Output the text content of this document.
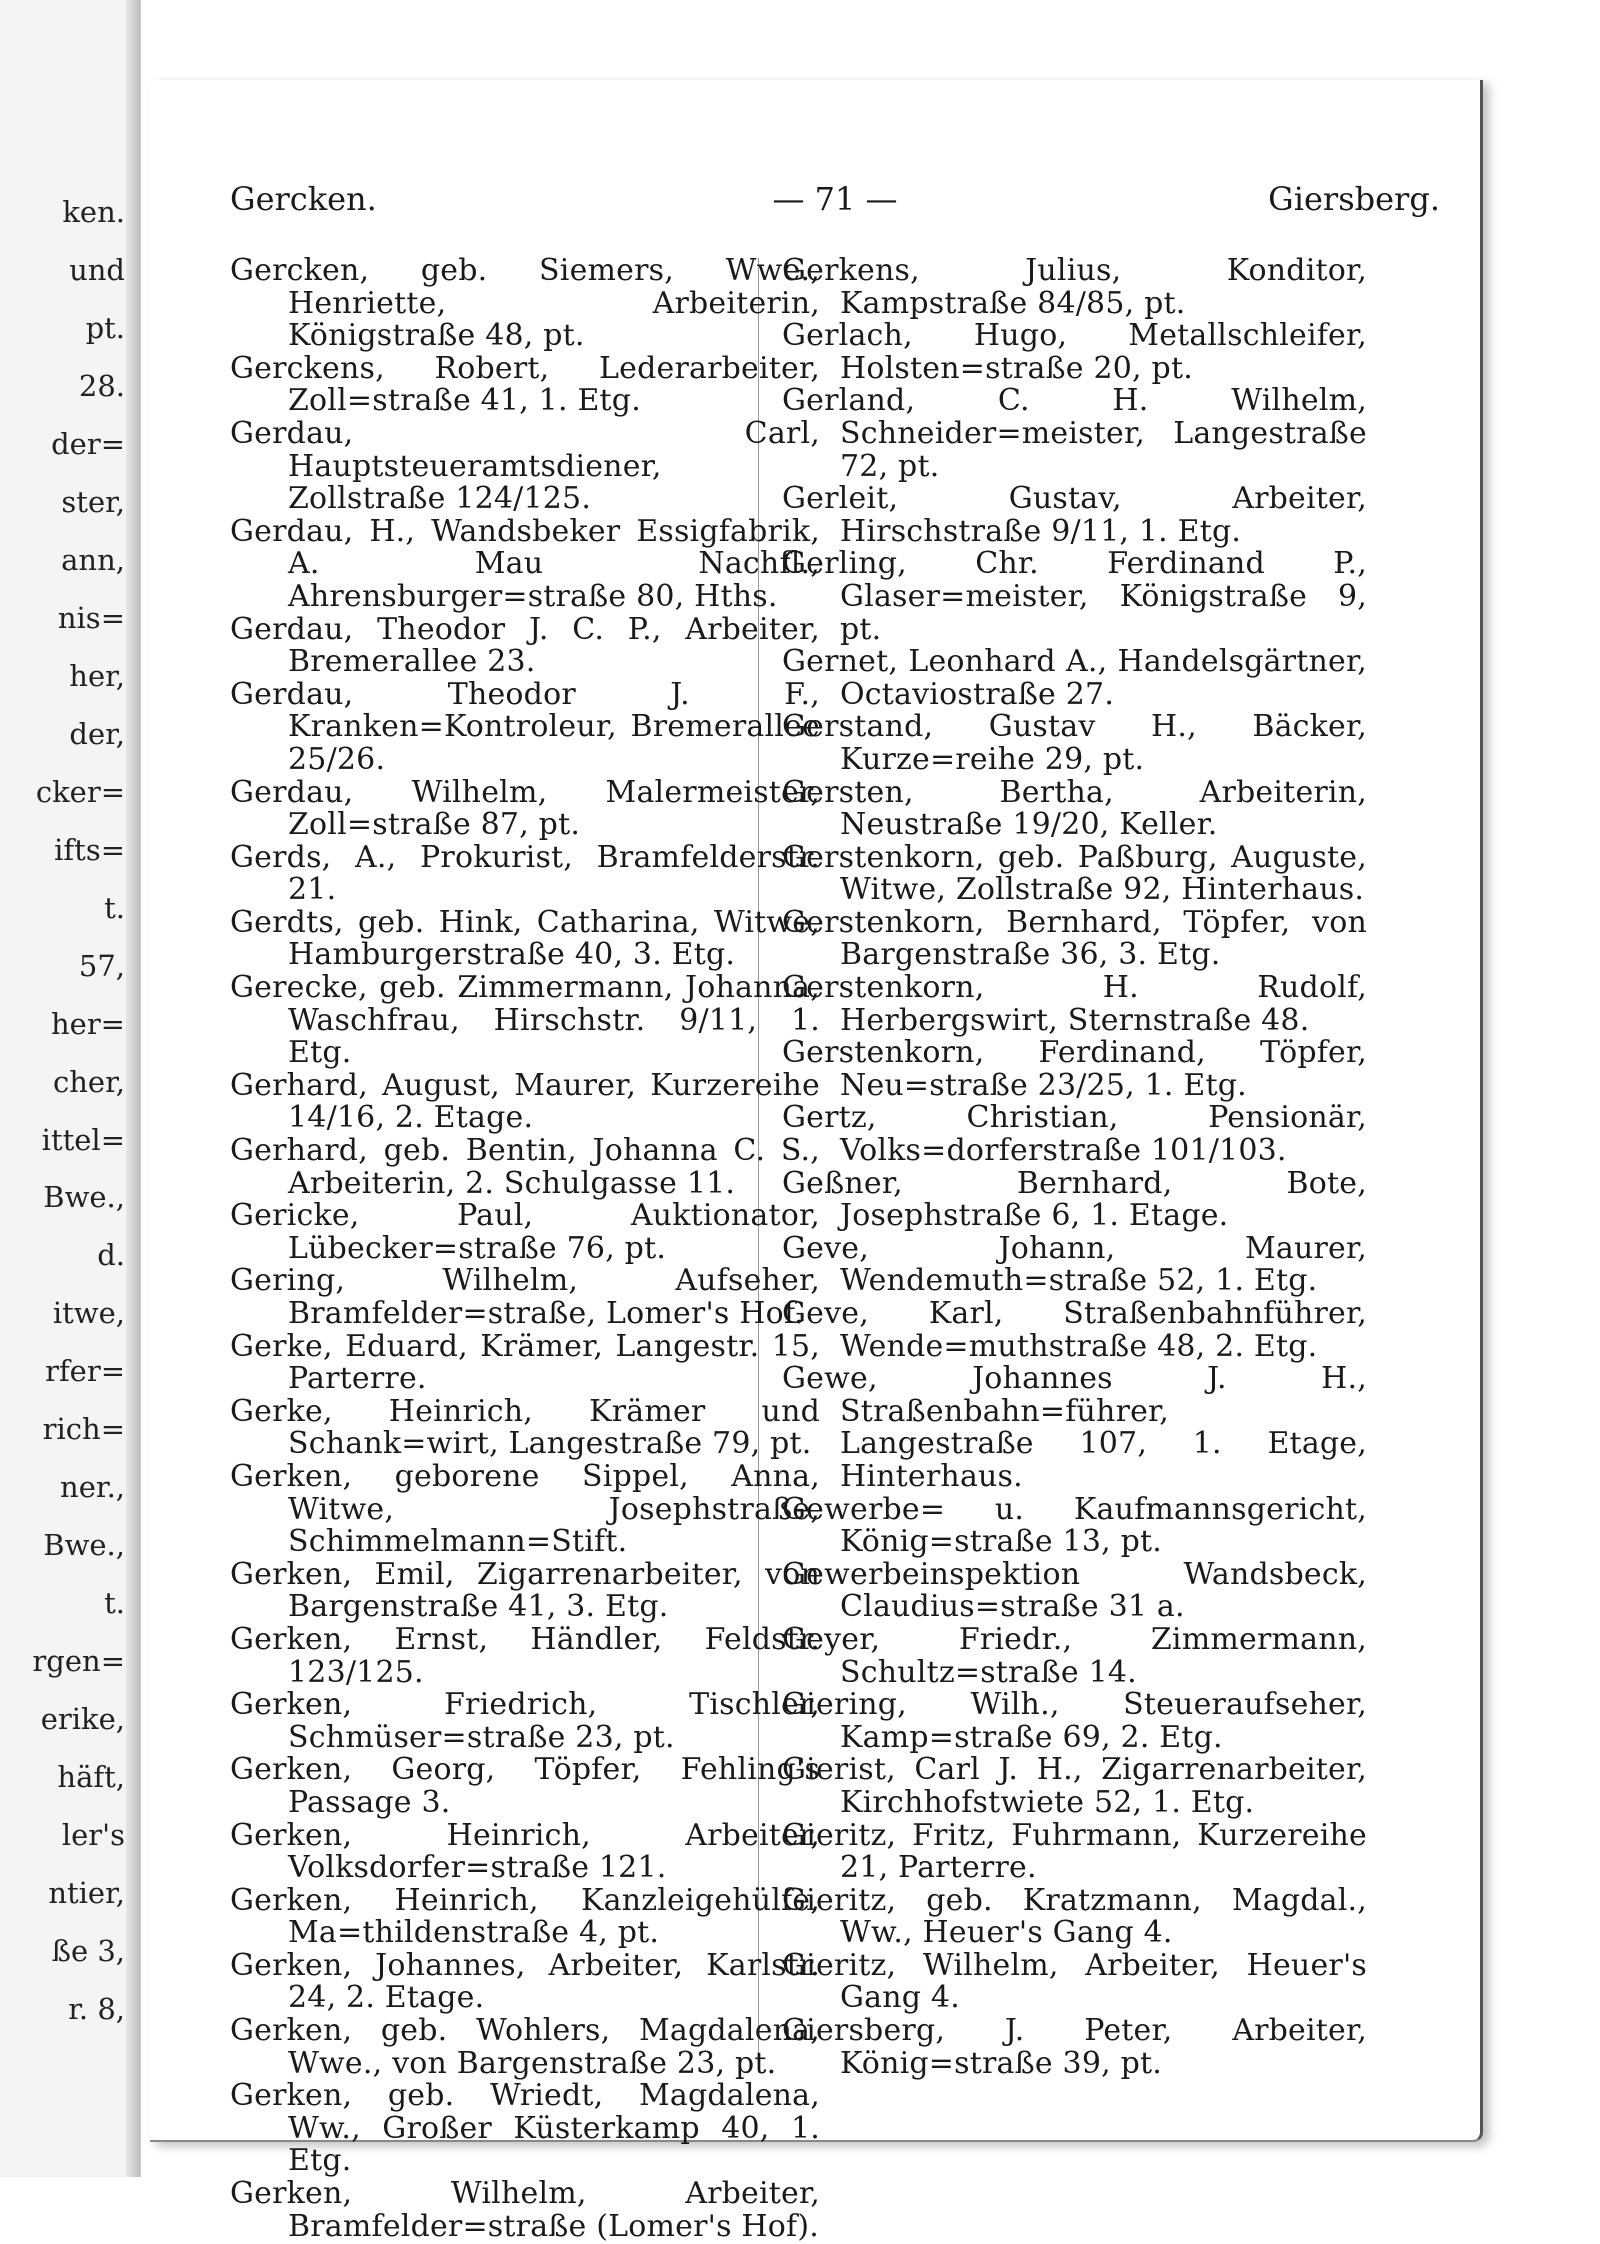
ken.
und
pt.
28.
der=
ster,
ann,
nis=
her,
der,
cker=
ifts=
t.
57,
her=
cher,
ittel=
Bwe.,
d.
itwe,
rfer=
rich=
ner.,
Bwe.,
t.
rgen=
erike,
häft,
ler's
ntier,
ße 3,
r. 8,
Gercken.	— 71 —	Giersberg.

Gercken, geb. Siemers, Wwe., Henriette, Arbeiterin, Königstraße 48, pt.

Gerckens, Robert, Lederarbeiter, Zoll=straße 41, 1. Etg.

Gerdau, Carl, Hauptsteueramtsdiener, Zollstraße 124/125.

Gerdau, H., Wandsbeker Essigfabrik, A. Mau Nachfl., Ahrensburger=straße 80, Hths.

Gerdau, Theodor J. C. P., Arbeiter, Bremerallee 23.

Gerdau, Theodor J. F., Kranken=Kontroleur, Bremerallee 25/26.

Gerdau, Wilhelm, Malermeister, Zoll=straße 87, pt.

Gerds, A., Prokurist, Bramfelderstr. 21.

Gerdts, geb. Hink, Catharina, Witwe, Hamburgerstraße 40, 3. Etg.

Gerecke, geb. Zimmermann, Johanna, Waschfrau, Hirschstr. 9/11, 1. Etg.

Gerhard, August, Maurer, Kurzereihe 14/16, 2. Etage.

Gerhard, geb. Bentin, Johanna C. S., Arbeiterin, 2. Schulgasse 11.

Gericke, Paul, Auktionator, Lübecker=straße 76, pt.

Gering, Wilhelm, Aufseher, Bramfelder=straße, Lomer's Hof.

Gerke, Eduard, Krämer, Langestr. 15, Parterre.

Gerke, Heinrich, Krämer und Schank=wirt, Langestraße 79, pt.

Gerken, geborene Sippel, Anna, Witwe, Josephstraße, Schimmelmann=Stift.

Gerken, Emil, Zigarrenarbeiter, von Bargenstraße 41, 3. Etg.

Gerken, Ernst, Händler, Feldstr. 123/125.

Gerken, Friedrich, Tischler, Schmüser=straße 23, pt.

Gerken, Georg, Töpfer, Fehling's Passage 3.

Gerken, Heinrich, Arbeiter, Volksdorfer=straße 121.

Gerken, Heinrich, Kanzleigehülfe, Ma=thildenstraße 4, pt.

Gerken, Johannes, Arbeiter, Karlstr. 24, 2. Etage.

Gerken, geb. Wohlers, Magdalena, Wwe., von Bargenstraße 23, pt.

Gerken, geb. Wriedt, Magdalena, Ww., Großer Küsterkamp 40, 1. Etg.

Gerken, Wilhelm, Arbeiter, Bramfelder=straße (Lomer's Hof).

Gerkens, Julius, Konditor, Kampstraße 84/85, pt.

Gerlach, Hugo, Metallschleifer, Holsten=straße 20, pt.

Gerland, C. H. Wilhelm, Schneider=meister, Langestraße 72, pt.

Gerleit, Gustav, Arbeiter, Hirschstraße 9/11, 1. Etg.

Gerling, Chr. Ferdinand P., Glaser=meister, Königstraße 9, pt.

Gernet, Leonhard A., Handelsgärtner, Octaviostraße 27.

Gerstand, Gustav H., Bäcker, Kurze=reihe 29, pt.

Gersten, Bertha, Arbeiterin, Neustraße 19/20, Keller.

Gerstenkorn, geb. Paßburg, Auguste, Witwe, Zollstraße 92, Hinterhaus.

Gerstenkorn, Bernhard, Töpfer, von Bargenstraße 36, 3. Etg.

Gerstenkorn, H. Rudolf, Herbergswirt, Sternstraße 48.

Gerstenkorn, Ferdinand, Töpfer, Neu=straße 23/25, 1. Etg.

Gertz, Christian, Pensionär, Volks=dorferstraße 101/103.

Geßner, Bernhard, Bote, Josephstraße 6, 1. Etage.

Geve, Johann, Maurer, Wendemuth=straße 52, 1. Etg.

Geve, Karl, Straßenbahnführer, Wende=muthstraße 48, 2. Etg.

Gewe, Johannes J. H., Straßenbahn=führer, Langestraße 107, 1. Etage, Hinterhaus.

Gewerbe= u. Kaufmannsgericht, König=straße 13, pt.

Gewerbeinspektion Wandsbeck, Claudius=straße 31 a.

Geyer, Friedr., Zimmermann, Schultz=straße 14.

Giering, Wilh., Steueraufseher, Kamp=straße 69, 2. Etg.

Gierist, Carl J. H., Zigarrenarbeiter, Kirchhofstwiete 52, 1. Etg.

Gieritz, Fritz, Fuhrmann, Kurzereihe 21, Parterre.

Gieritz, geb. Kratzmann, Magdal., Ww., Heuer's Gang 4.

Gieritz, Wilhelm, Arbeiter, Heuer's Gang 4.

Giersberg, J. Peter, Arbeiter, König=straße 39, pt.
